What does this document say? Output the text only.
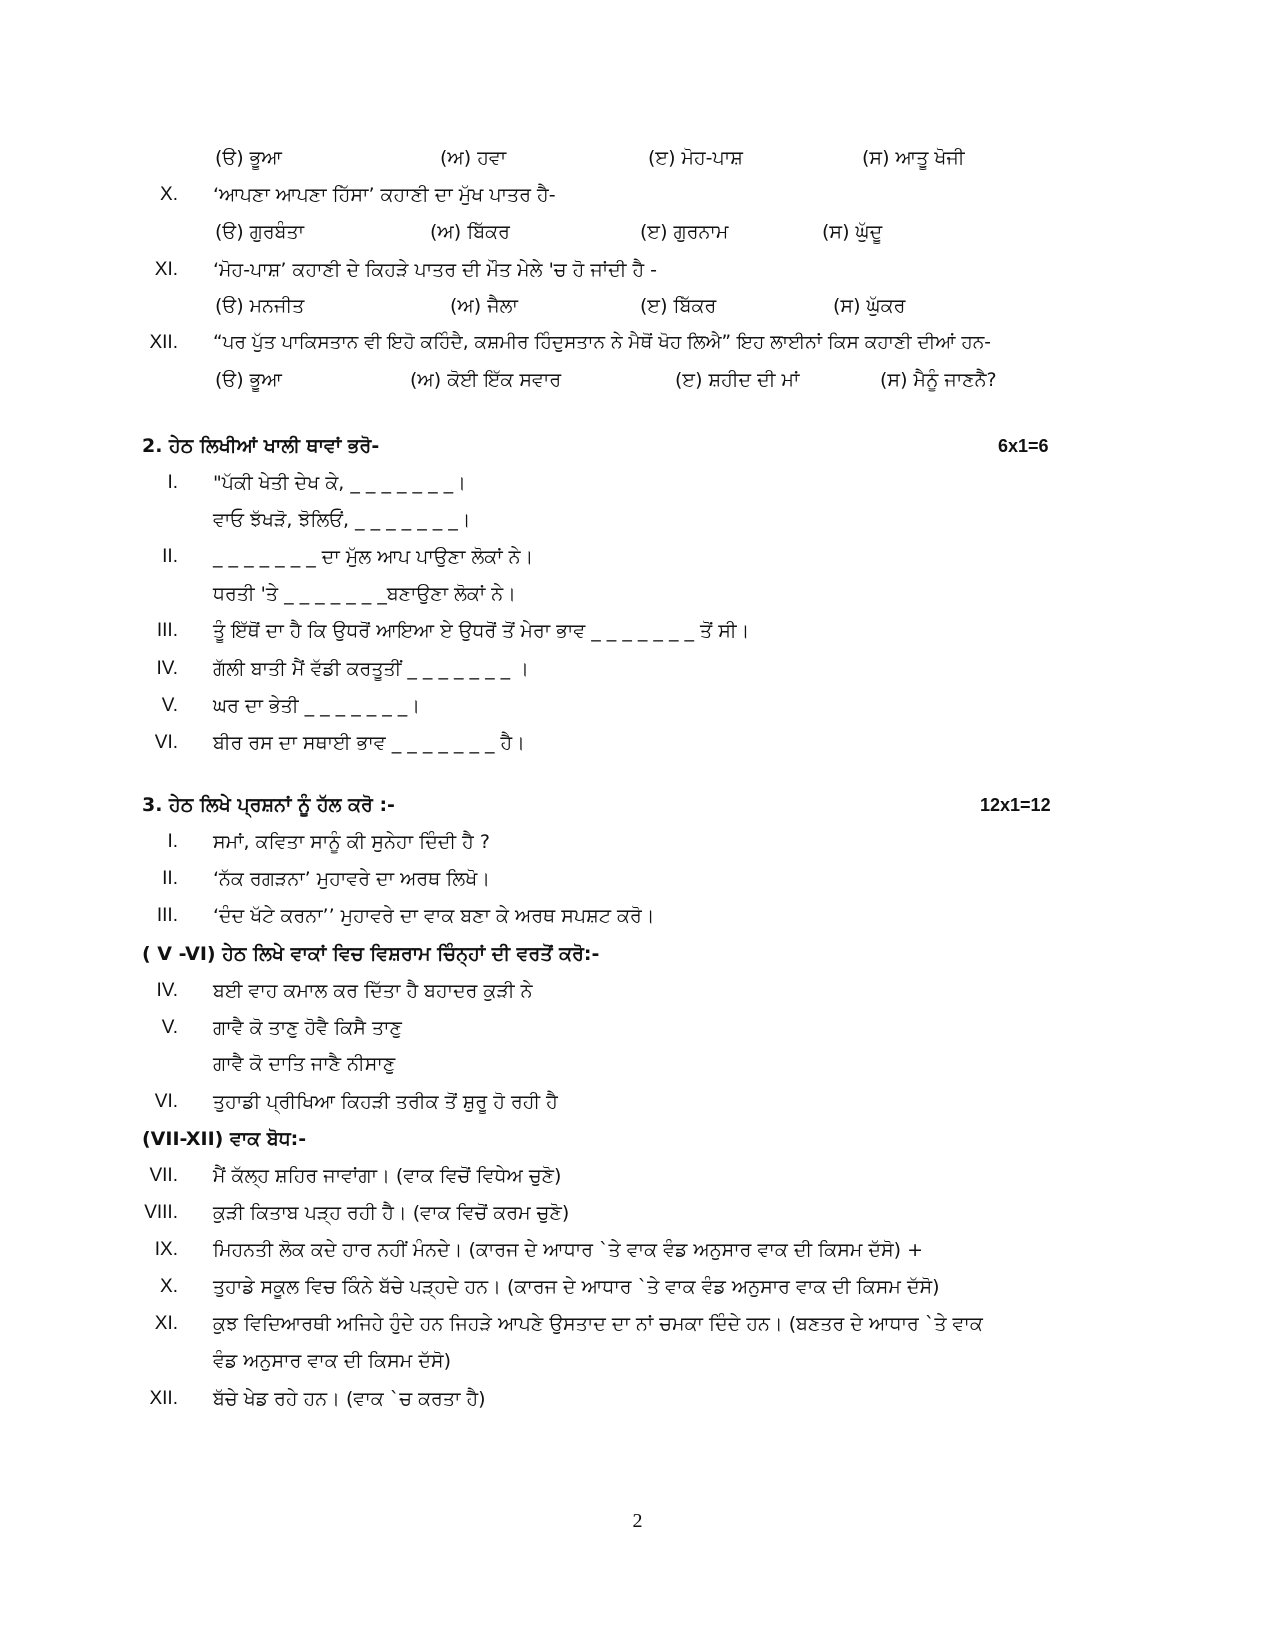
(ੳ) ਭੂਆ	(ਅ) ਹਵਾ	(ੲ) ਮੋਹ-ਪਾਸ਼	(ਸ) ਆਤੂ ਖੋਜੀ
X. ‘ਆਪਣਾ ਆਪਣਾ ਹਿੱਸਾ’ ਕਹਾਣੀ ਦਾ ਮੁੱਖ ਪਾਤਰ ਹੈ-
(ੳ) ਗੁਰਬੰਤਾ	(ਅ) ਬਿੱਕਰ	(ੲ) ਗੁਰਨਾਮ	(ਸ) ਘੁੱਦੂ
XI. ‘ਮੋਹ-ਪਾਸ਼’ ਕਹਾਣੀ ਦੇ ਕਿਹੜੇ ਪਾਤਰ ਦੀ ਮੌਤ ਮੇਲੇ 'ਚ ਹੋ ਜਾਂਦੀ ਹੈ -
(ੳ) ਮਨਜੀਤ	(ਅ) ਜੈਲਾ	(ੲ) ਬਿੱਕਰ	(ਸ) ਘੁੱਕਰ
XII. “ਪਰ ਪੁੱਤ ਪਾਕਿਸਤਾਨ ਵੀ ਇਹੋ ਕਹਿੰਦੈ, ਕਸ਼ਮੀਰ ਹਿੰਦੁਸਤਾਨ ਨੇ ਮੈਥੋਂ ਖੋਹ ਲਿਐ” ਇਹ ਲਾਈਨਾਂ ਕਿਸ ਕਹਾਣੀ ਦੀਆਂ ਹਨ-
(ੳ) ਭੂਆ	(ਅ) ਕੋਈ ਇੱਕ ਸਵਾਰ	(ੲ) ਸ਼ਹੀਦ ਦੀ ਮਾਂ	(ਸ) ਮੈਨੂੰ ਜਾਣਨੈ?
2. ਹੇਠ ਲਿਖੀਆਂ ਖਾਲੀ ਥਾਵਾਂ ਭਰੋ-	6x1=6
I. "ਪੱਕੀ ਖੇਤੀ ਦੇਖ ਕੇ, _ _ _ _ _ _ _।
ਵਾਓ ਝੱਖੜੋ, ਝੋਲਿਓਂ, _ _ _ _ _ _ _।
II. _ _ _ _ _ _ _ ਦਾ ਮੁੱਲ ਆਪ ਪਾਉਣਾ ਲੋਕਾਂ ਨੇ।
ਧਰਤੀ 'ਤੇ _ _ _ _ _ _ _ਬਣਾਉਣਾ ਲੋਕਾਂ ਨੇ।
III. ਤੂੰ ਇੱਥੋਂ ਦਾ ਹੈ ਕਿ ਉਧਰੋਂ ਆਇਆ ਏ ਉਧਰੋਂ ਤੋਂ ਮੇਰਾ ਭਾਵ _ _ _ _ _ _ _ ਤੋਂ ਸੀ।
IV. ਗੱਲੀ ਬਾਤੀ ਮੈਂ ਵੱਡੀ ਕਰਤੂਤੀਂ _ _ _ _ _ _ _ ।
V. ਘਰ ਦਾ ਭੇਤੀ _ _ _ _ _ _ _।
VI. ਬੀਰ ਰਸ ਦਾ ਸਥਾਈ ਭਾਵ _ _ _ _ _ _ _ ਹੈ।
3. ਹੇਠ ਲਿਖੇ ਪ੍ਰਸ਼ਨਾਂ ਨੂੰ ਹੱਲ ਕਰੋ :-	12x1=12
I. ਸਮਾਂ, ਕਵਿਤਾ ਸਾਨੂੰ ਕੀ ਸੁਨੇਹਾ ਦਿੰਦੀ ਹੈ ?
II. ‘ਨੱਕ ਰਗੜਨਾ’ ਮੁਹਾਵਰੇ ਦਾ ਅਰਥ ਲਿਖੋ।
III. ‘ਦੰਦ ਖੱਟੇ ਕਰਨਾ’’ ਮੁਹਾਵਰੇ ਦਾ ਵਾਕ ਬਣਾ ਕੇ ਅਰਥ ਸਪਸ਼ਟ ਕਰੋ।
( V -VI) ਹੇਠ ਲਿਖੇ ਵਾਕਾਂ ਵਿਚ ਵਿਸ਼ਰਾਮ ਚਿੰਨ੍ਹਾਂ ਦੀ ਵਰਤੋਂ ਕਰੋ:-
IV. ਬਈ ਵਾਹ ਕਮਾਲ ਕਰ ਦਿੱਤਾ ਹੈ ਬਹਾਦਰ ਕੁੜੀ ਨੇ
V. ਗਾਵੈ ਕੋ ਤਾਣੁ ਹੋਵੈ ਕਿਸੈ ਤਾਣੁ
ਗਾਵੈ ਕੋ ਦਾਤਿ ਜਾਣੈ ਨੀਸਾਣੁ
VI. ਤੁਹਾਡੀ ਪ੍ਰੀਖਿਆ ਕਿਹੜੀ ਤਰੀਕ ਤੋਂ ਸ਼ੁਰੂ ਹੋ ਰਹੀ ਹੈ
(VII-XII) ਵਾਕ ਬੋਧ:-
VII. ਮੈਂ ਕੱਲ੍ਹ ਸ਼ਹਿਰ ਜਾਵਾਂਗਾ। (ਵਾਕ ਵਿਚੋਂ ਵਿਧੇਅ ਚੁਣੋ)
VIII. ਕੁੜੀ ਕਿਤਾਬ ਪੜ੍ਹ ਰਹੀ ਹੈ। (ਵਾਕ ਵਿਚੋਂ ਕਰਮ ਚੁਣੋ)
IX. ਮਿਹਨਤੀ ਲੋਕ ਕਦੇ ਹਾਰ ਨਹੀਂ ਮੰਨਦੇ। (ਕਾਰਜ ਦੇ ਆਧਾਰ `ਤੇ ਵਾਕ ਵੰਡ ਅਨੁਸਾਰ ਵਾਕ ਦੀ ਕਿਸਮ ਦੱਸੋ) +
X. ਤੁਹਾਡੇ ਸਕੂਲ ਵਿਚ ਕਿੰਨੇ ਬੱਚੇ ਪੜ੍ਹਦੇ ਹਨ। (ਕਾਰਜ ਦੇ ਆਧਾਰ `ਤੇ ਵਾਕ ਵੰਡ ਅਨੁਸਾਰ ਵਾਕ ਦੀ ਕਿਸਮ ਦੱਸੋ)
XI. ਕੁਝ ਵਿਦਿਆਰਥੀ ਅਜਿਹੇ ਹੁੰਦੇ ਹਨ ਜਿਹੜੇ ਆਪਣੇ ਉਸਤਾਦ ਦਾ ਨਾਂ ਚਮਕਾ ਦਿੰਦੇ ਹਨ। (ਬਣਤਰ ਦੇ ਆਧਾਰ `ਤੇ ਵਾਕ
ਵੰਡ ਅਨੁਸਾਰ ਵਾਕ ਦੀ ਕਿਸਮ ਦੱਸੋ)
XII. ਬੱਚੇ ਖੇਡ ਰਹੇ ਹਨ। (ਵਾਕ `ਚ ਕਰਤਾ ਹੈ)
2
